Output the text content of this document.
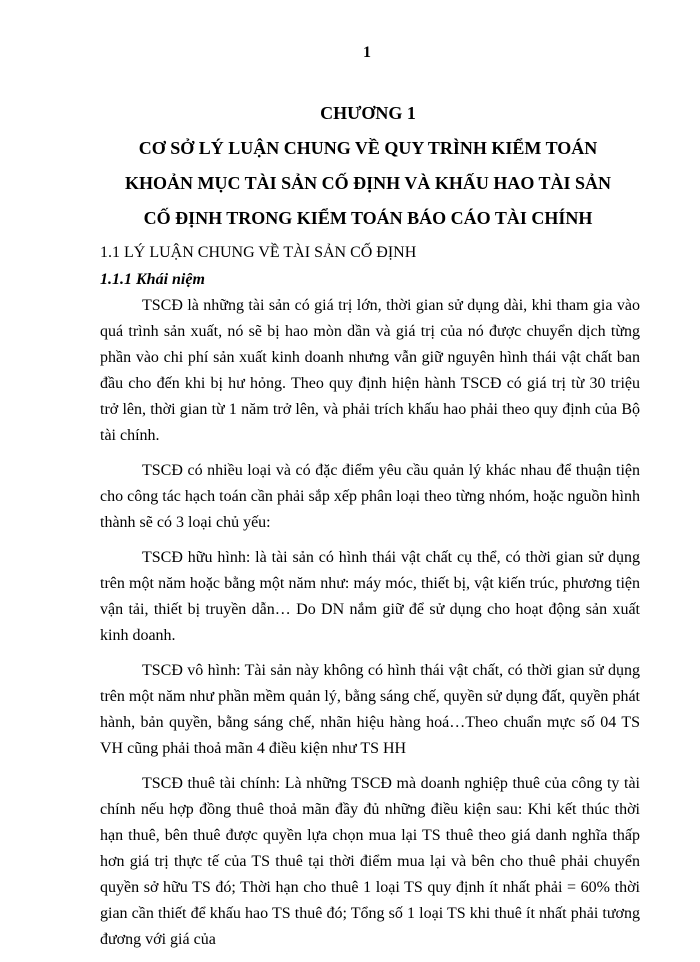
1
CHƯƠNG 1
CƠ SỞ LÝ LUẬN CHUNG VỀ QUY TRÌNH KIỂM TOÁN
KHOẢN MỤC TÀI SẢN CỐ ĐỊNH VÀ KHẤU HAO TÀI SẢN
CỐ ĐỊNH TRONG KIỂM TOÁN BÁO CÁO TÀI CHÍNH
1.1 LÝ LUẬN CHUNG VỀ TÀI SẢN CỐ ĐỊNH
1.1.1 Khái niệm

TSCĐ là những tài sản có giá trị lớn, thời gian sử dụng dài, khi tham gia vào quá trình sản xuất, nó sẽ bị hao mòn dần và giá trị của nó được chuyển dịch từng phần vào chi phí sản xuất kinh doanh nhưng vẫn giữ nguyên hình thái vật chất ban đầu cho đến khi bị hư hỏng. Theo quy định hiện hành TSCĐ có giá trị từ 30 triệu trở lên, thời gian từ 1 năm trở lên, và phải trích khấu hao phải theo quy định của Bộ tài chính.

TSCĐ có nhiều loại và có đặc điểm yêu cầu quản lý khác nhau để thuận tiện cho công tác hạch toán cần phải sắp xếp phân loại theo từng nhóm, hoặc nguồn hình thành sẽ có 3 loại chủ yếu:

TSCĐ hữu hình: là tài sản có hình thái vật chất cụ thể, có thời gian sử dụng trên một năm hoặc bằng một năm như: máy móc, thiết bị, vật kiến trúc, phương tiện vận tải, thiết bị truyền dẫn… Do DN nắm giữ để sử dụng cho hoạt động sản xuất kinh doanh.

TSCĐ vô hình: Tài sản này không có hình thái vật chất, có thời gian sử dụng trên một năm như phần mềm quản lý, bằng sáng chế, quyền sử dụng đất, quyền phát hành, bản quyền, bằng sáng chế, nhãn hiệu hàng hoá…Theo chuẩn mực số 04 TS VH cũng phải thoả mãn 4 điều kiện như TS HH

TSCĐ thuê tài chính: Là những TSCĐ mà doanh nghiệp thuê của công ty tài chính nếu hợp đồng thuê thoả mãn đầy đủ những điều kiện sau: Khi kết thúc thời hạn thuê, bên thuê được quyền lựa chọn mua lại TS thuê theo giá danh nghĩa thấp hơn giá trị thực tế của TS thuê tại thời điểm mua lại và bên cho thuê phải chuyển quyền sở hữu TS đó; Thời hạn cho thuê 1 loại TS quy định ít nhất phải = 60% thời gian cần thiết để khấu hao TS thuê đó; Tổng số 1 loại TS khi thuê ít nhất phải tương đương với giá của
